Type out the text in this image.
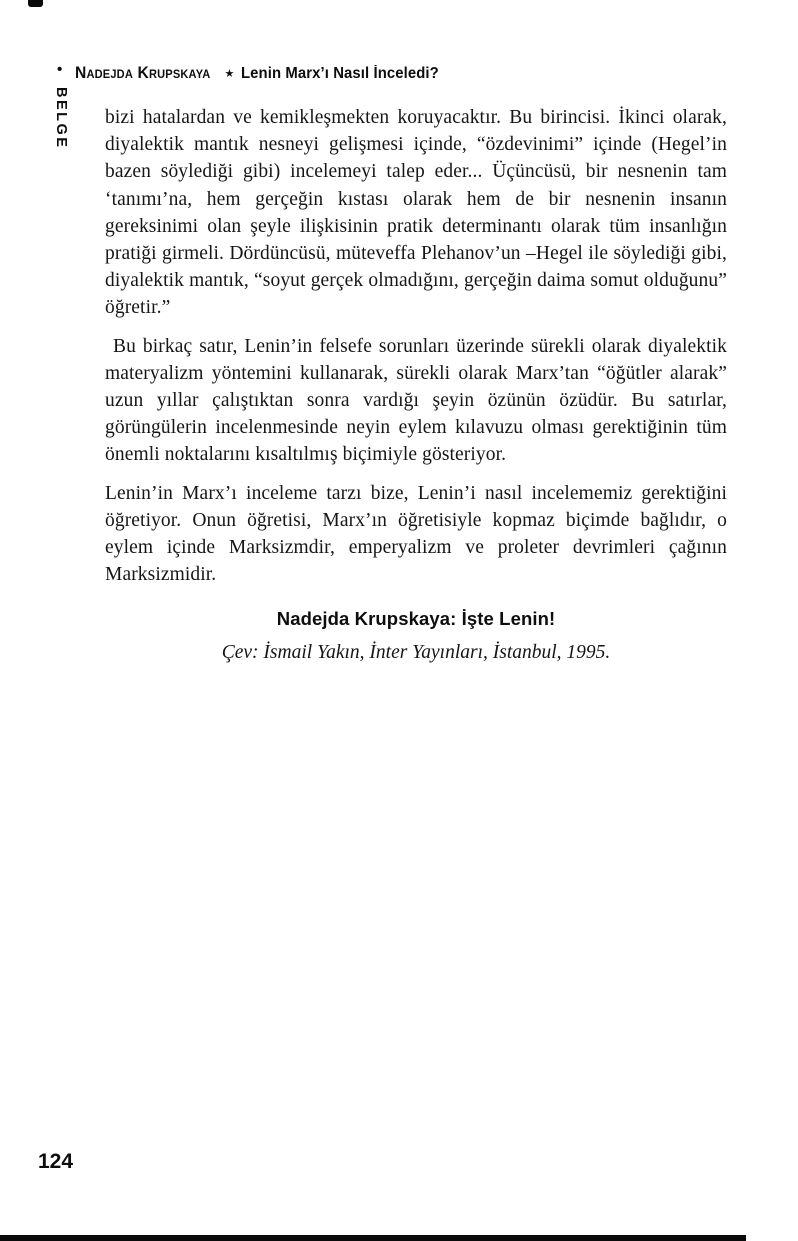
• Nadejda Krupskaya ★ Lenin Marx’ı Nasıl İnceledi?
BELGE bizi hatalardan ve kemikleşmekten koruyacaktır. Bu birincisi. İkinci olarak, diyalektik mantık nesneyi gelişmesi içinde, “özdevinimi” içinde (Hegel’in bazen söylediği gibi) incelemeyi talep eder... Üçüncüsü, bir nesnenin tam ‘tanımı’na, hem gerçeğin kıstası olarak hem de bir nesnenin insanın gereksinimi olan şeyle ilişkisinin pratik determinantı olarak tüm insanlığın pratiği girmeli. Dördüncüsü, müteveffa Plehanov’un –Hegel ile söylediği gibi, diyalektik mantık, “soyut gerçek olmadığını, gerçeğin daima somut olduğunu” öğretir.”

Bu birkaç satır, Lenin’in felsefe sorunları üzerinde sürekli olarak diyalektik materyalizm yöntemini kullanarak, sürekli olarak Marx’tan “öğütler alarak” uzun yıllar çalıştıktan sonra vardığı şeyin özünün özüdür. Bu satırlar, görüngülerin incelenmesinde neyin eylem kılavuzu olması gerektiğinin tüm önemli noktalarını kısaltılmış biçimiyle gösteriyor.

Lenin’in Marx’ı inceleme tarzı bize, Lenin’i nasıl incelememiz gerektiğini öğretiyor. Onun öğretisi, Marx’ın öğretisiyle kopmaz biçimde bağlıdır, o eylem içinde Marksizmdir, emperyalizm ve proleter devrimleri çağının Marksizmidir.

Nadejda Krupskaya: İşte Lenin!

Çev: İsmail Yakın, İnter Yayınları, İstanbul, 1995.

124
